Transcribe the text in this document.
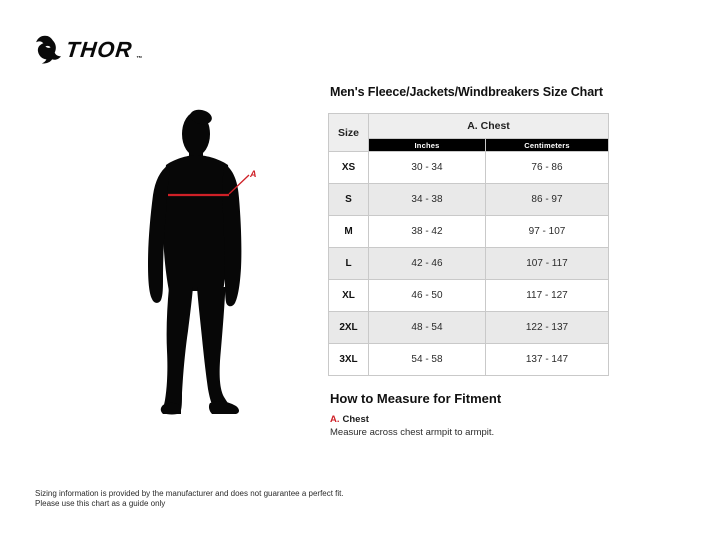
THOR ™
A
Men's Fleece/Jackets/Windbreakers Size Chart
Size	A. Chest	
	Inches	Centimeters
XS	30 - 34	76 - 86
S	34 - 38	86 - 97
M	38 - 42	97 - 107
L	42 - 46	107 - 117
XL	46 - 50	117 - 127
2XL	48 - 54	122 - 137
3XL	54 - 58	137 - 147
How to Measure for Fitment
A. Chest
Measure across chest armpit to armpit.
Sizing information is provided by the manufacturer and does not guarantee a perfect fit.
Please use this chart as a guide only
